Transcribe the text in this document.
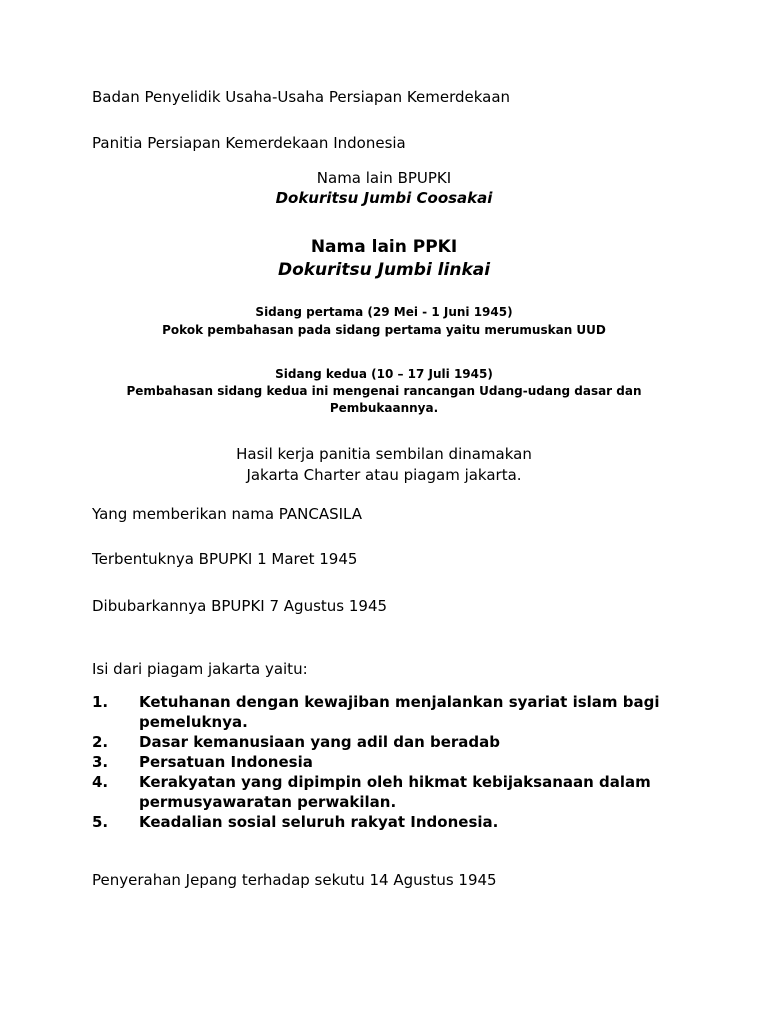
Badan Penyelidik Usaha-Usaha Persiapan Kemerdekaan
Panitia Persiapan Kemerdekaan Indonesia
Nama lain BPUPKI
Dokuritsu Jumbi Coosakai
Nama lain PPKI
Dokuritsu Jumbi linkai
Sidang pertama (29 Mei - 1 Juni 1945)
Pokok pembahasan pada sidang pertama yaitu merumuskan UUD
Sidang kedua (10 – 17 Juli 1945)
Pembahasan sidang kedua ini mengenai rancangan Udang-udang dasar dan
Pembukaannya.
Hasil kerja panitia sembilan dinamakan
Jakarta Charter atau piagam jakarta.
Yang memberikan nama PANCASILA
Terbentuknya BPUPKI 1 Maret 1945
Dibubarkannya BPUPKI 7 Agustus 1945
Isi dari piagam jakarta yaitu:
1. Ketuhanan dengan kewajiban menjalankan syariat islam bagi pemeluknya.
2. Dasar kemanusiaan yang adil dan beradab
3. Persatuan Indonesia
4. Kerakyatan yang dipimpin oleh hikmat kebijaksanaan dalam permusyawaratan perwakilan.
5. Keadalian sosial seluruh rakyat Indonesia.
Penyerahan Jepang terhadap sekutu 14 Agustus 1945
